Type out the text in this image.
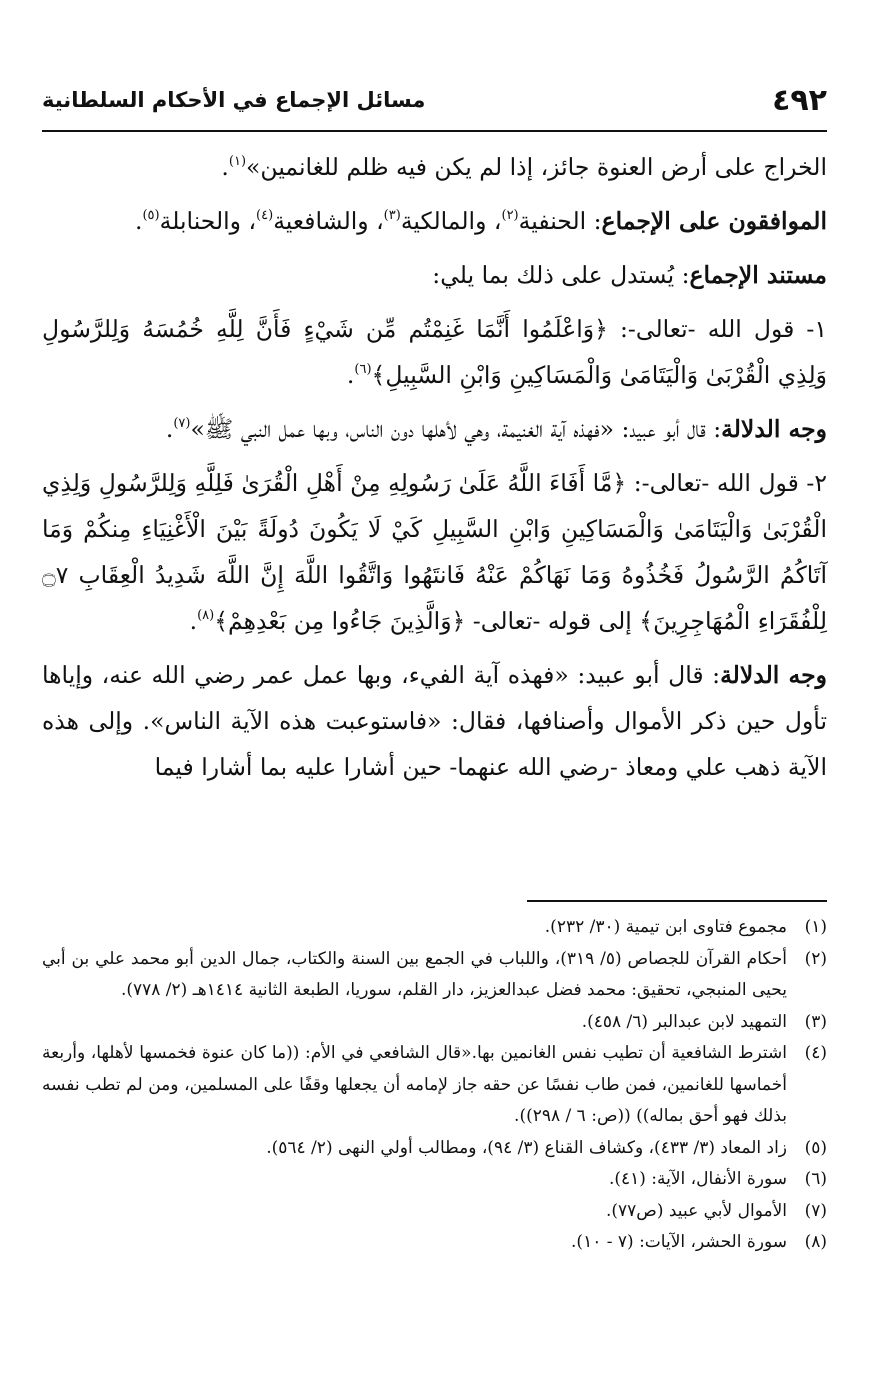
مسائل الإجماع في الأحكام السلطانية	٤٩٢

الخراج على أرض العنوة جائز، إذا لم يكن فيه ظلم للغانمين»$^{(١)}$.

الموافقون على الإجماع: الحنفية$^{(٢)}$، والمالكية$^{(٣)}$، والشافعية$^{(٤)}$، والحنابلة$^{(٥)}$.

مستند الإجماع: يُستدل على ذلك بما يلي:

١- قول الله -تعالى-: ﴿وَاعْلَمُوا أَنَّمَا غَنِمْتُم مِّن شَيْءٍ فَأَنَّ لِلَّهِ خُمُسَهُ وَلِلرَّسُولِ وَلِذِي الْقُرْبَىٰ وَالْيَتَامَىٰ وَالْمَسَاكِينِ وَابْنِ السَّبِيلِ﴾$^{(٦)}$.

وجه الدلالة: قال أبو عبيد: «فهذه آية الغنيمة، وهي لأهلها دون الناس، وبها عمل النبي ﷺ»$^{(٧)}$.

٢- قول الله -تعالى-: ﴿مَّا أَفَاءَ اللَّهُ عَلَىٰ رَسُولِهِ مِنْ أَهْلِ الْقُرَىٰ فَلِلَّهِ وَلِلرَّسُولِ وَلِذِي الْقُرْبَىٰ وَالْيَتَامَىٰ وَالْمَسَاكِينِ وَابْنِ السَّبِيلِ كَيْ لَا يَكُونَ دُولَةً بَيْنَ الْأَغْنِيَاءِ مِنكُمْ وَمَا آتَاكُمُ الرَّسُولُ فَخُذُوهُ وَمَا نَهَاكُمْ عَنْهُ فَانتَهُوا وَاتَّقُوا اللَّهَ إِنَّ اللَّهَ شَدِيدُ الْعِقَابِ ۝٧ لِلْفُقَرَاءِ الْمُهَاجِرِينَ﴾ إلى قوله -تعالى- ﴿وَالَّذِينَ جَاءُوا مِن بَعْدِهِمْ﴾$^{(٨)}$.

وجه الدلالة: قال أبو عبيد: «فهذه آية الفيء، وبها عمل عمر رضي الله عنه، وإياها تأول حين ذكر الأموال وأصنافها، فقال: «فاستوعبت هذه الآية الناس». وإلى هذه الآية ذهب علي ومعاذ -رضي الله عنهما- حين أشارا عليه بما أشارا فيما

(١)
مجموع فتاوى ابن تيمية (٣٠/ ٢٣٢).
(٢)
أحكام القرآن للجصاص (٥/ ٣١٩)، واللباب في الجمع بين السنة والكتاب، جمال الدين أبو محمد علي بن أبي يحيى المنبجي، تحقيق: محمد فضل عبدالعزيز، دار القلم، سوريا، الطبعة الثانية ١٤١٤هـ (٢/ ٧٧٨).
(٣)
التمهيد لابن عبدالبر (٦/ ٤٥٨).
(٤)
اشترط الشافعية أن تطيب نفس الغانمين بها.«قال الشافعي في الأم: ((ما كان عنوة فخمسها لأهلها، وأربعة أخماسها للغانمين، فمن طاب نفسًا عن حقه جاز لإمامه أن يجعلها وقفًا على المسلمين، ومن لم تطب نفسه بذلك فهو أحق بماله)) ((ص: ٦ / ٢٩٨)).
(٥)
زاد المعاد (٣/ ٤٣٣)، وكشاف القناع (٣/ ٩٤)، ومطالب أولي النهى (٢/ ٥٦٤).
(٦)
سورة الأنفال، الآية: (٤١).
(٧)
الأموال لأبي عبيد (ص٧٧).
(٨)
سورة الحشر، الآيات: (٧ - ١٠).
